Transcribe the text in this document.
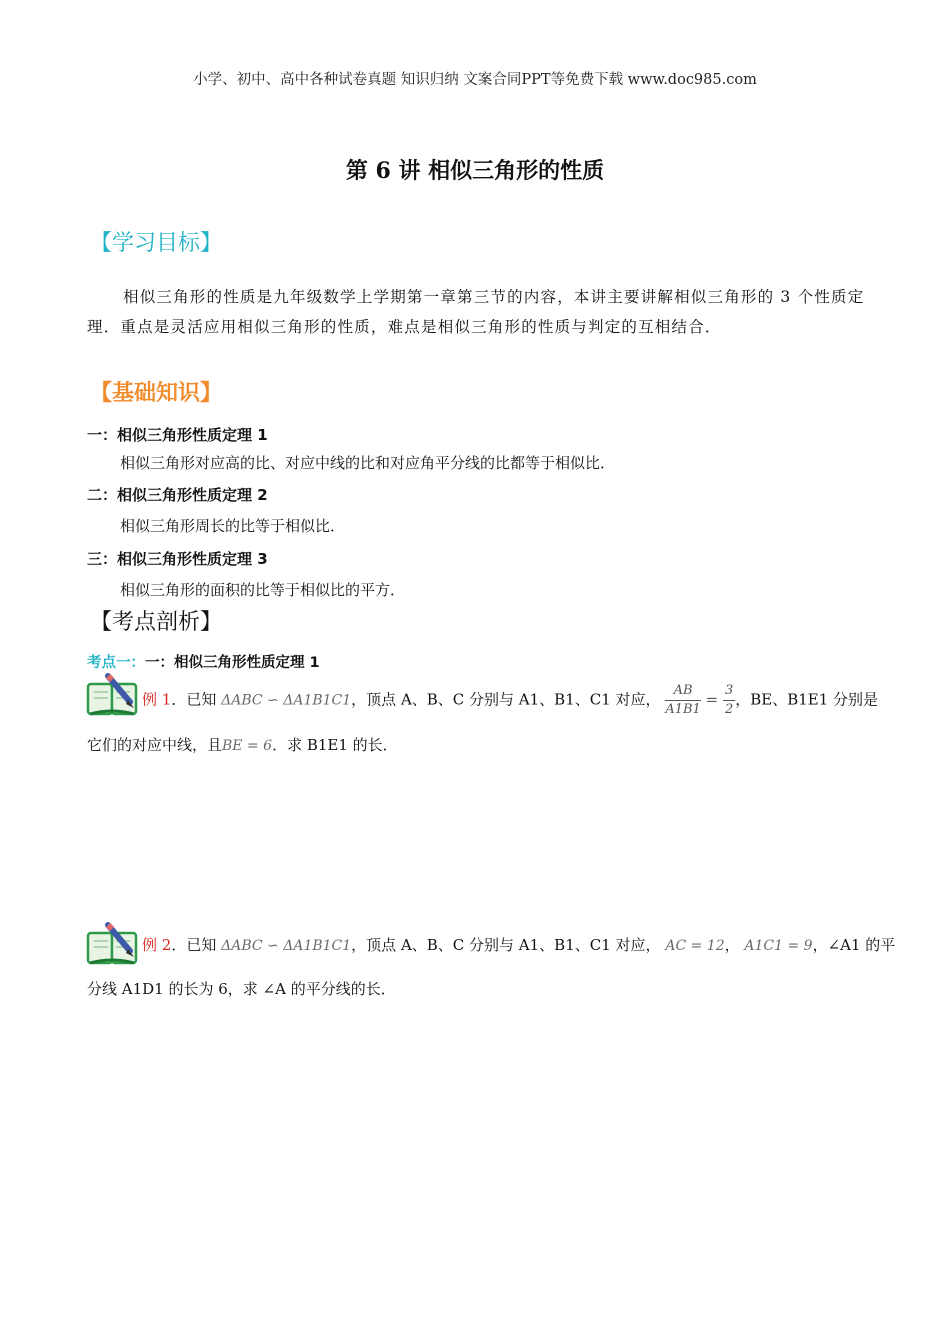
小学、初中、高中各种试卷真题 知识归纳 文案合同PPT等免费下载 www.doc985.com
第 6 讲 相似三角形的性质
【学习目标】
相似三角形的性质是九年级数学上学期第一章第三节的内容，本讲主要讲解相似三角形的 3 个性质定理．重点是灵活应用相似三角形的性质，难点是相似三角形的性质与判定的互相结合．
【基础知识】
一：相似三角形性质定理 1
相似三角形对应高的比、对应中线的比和对应角平分线的比都等于相似比．
二：相似三角形性质定理 2
相似三角形周长的比等于相似比．
三：相似三角形性质定理 3
相似三角形的面积的比等于相似比的平方．
【考点剖析】
考点一：一：相似三角形性质定理 1
例 1．已知 ΔABC ∽ ΔA1B1C1，顶点 A、B、C 分别与 A1、B1、C1 对应， $\frac{AB}{A1B1} = \frac{3}{2}$ ，BE、B1E1 分别是
它们的对应中线，且BE = 6．求 B1E1 的长．
例 2．已知 ΔABC ∽ ΔA1B1C1，顶点 A、B、C 分别与 A1、B1、C1 对应， AC = 12， A1C1 = 9，∠A1 的平
分线 A1D1 的长为 6，求 ∠A 的平分线的长．
